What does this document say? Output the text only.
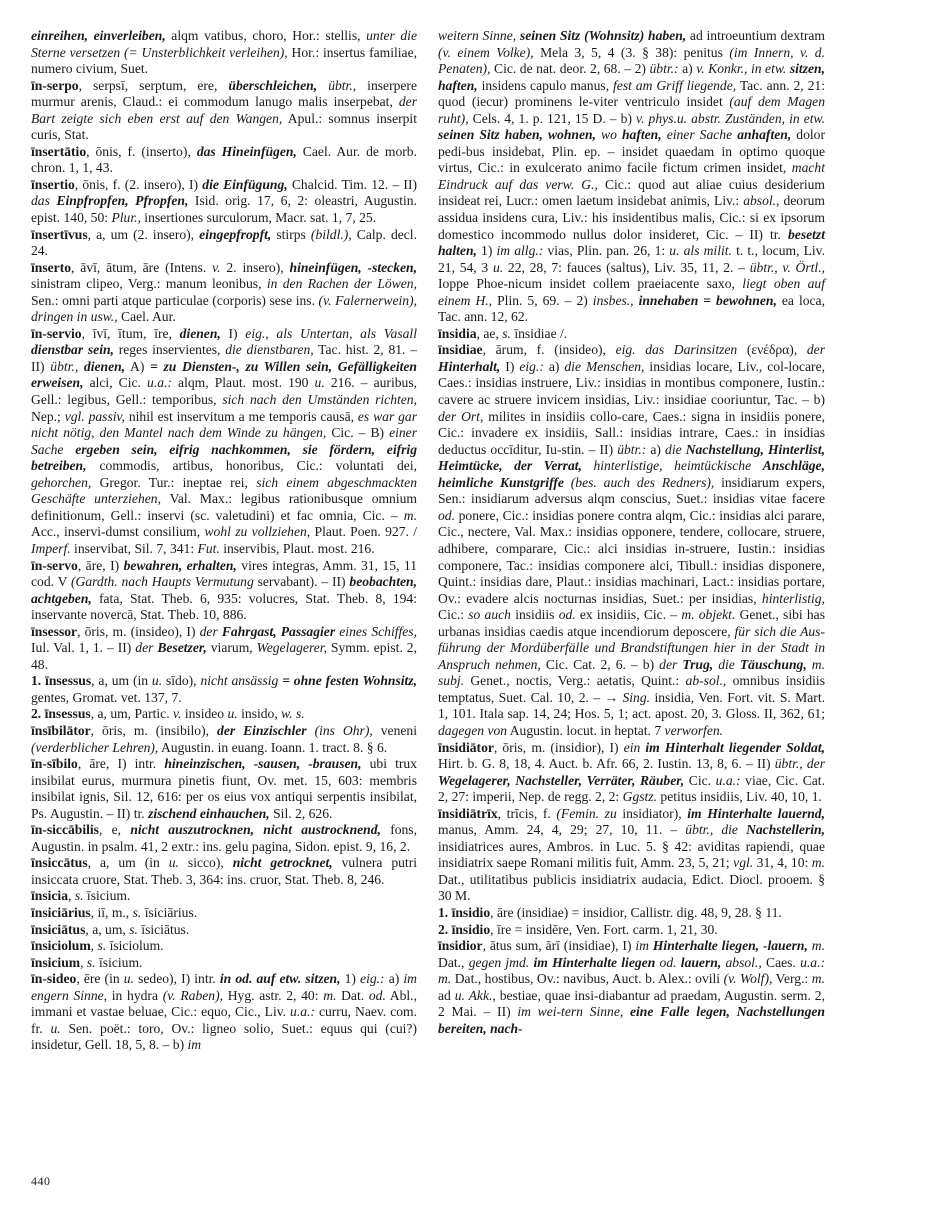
einreihen, einverleiben, alqm vatibus, choro, Hor.: stellis, unter die Sterne versetzen (= Unsterblichkeit verleihen), Hor.: insertus familiae, numero civium, Suet.

īn-serpo, serpsī, serptum, ere, überschleichen, übtr., inserpere murmur arenis, Claud.: ei commodum lanugo malis inserpebat, der Bart zeigte sich eben erst auf den Wangen, Apul.: somnus inserpit curis, Stat.

īnsertātio, ōnis, f. (inserto), das Hineinfügen, Cael. Aur. de morb. chron. 1, 1, 43.

īnsertio, ōnis, f. (2. insero), I) die Einfügung, Chalcid. Tim. 12. – II) das Einpfropfen, Pfropfen, Isid. orig. 17, 6, 2: oleastri, Augustin. epist. 140, 50: Plur., insertiones surculorum, Macr. sat. 1, 7, 25.

īnsertīvus, a, um (2. insero), eingepfropft, stirps (bildl.), Calp. decl. 24.

īnserto, āvī, ātum, āre (Intens. v. 2. insero), hineinfügen, -stecken, sinistram clipeo, Verg.: manum leonibus, in den Rachen der Löwen, Sen.: omni parti atque particulae (corporis) sese ins. (v. Falernerwein), dringen in usw., Cael. Aur.

īn-servio, īvī, ītum, īre, dienen, I) eig., als Untertan, als Vasall dienstbar sein, reges inservientes, die dienstbaren, Tac. hist. 2, 81. – II) übtr., dienen, A) = zu Diensten-, zu Willen sein, Gefälligkeiten erweisen, alci, Cic. u.a.: alqm, Plaut. most. 190 u. 216. – auribus, Gell.: legibus, Gell.: temporibus, sich nach den Umständen richten, Nep.; vgl. passiv, nihil est inservitum a me temporis causā, es war gar nicht nötig, den Mantel nach dem Winde zu hängen, Cic. – B) einer Sache ergeben sein, eifrig nachkommen, sie fördern, eifrig betreiben, commodis, artibus, honoribus, Cic.: voluntati dei, gehorchen, Gregor. Tur.: ineptae rei, sich einem abgeschmackten Geschäfte unterziehen, Val. Max.: legibus rationibusque omnium definitionum, Gell.: inservi (sc. valetudini) et fac omnia, Cic. – m. Acc., inservi-dumst consilium, wohl zu vollziehen, Plaut. Poen. 927. / Imperf. inservibat, Sil. 7, 341: Fut. inservibis, Plaut. most. 216.

īn-servo, āre, I) bewahren, erhalten, vires integras, Amm. 31, 15, 11 cod. V (Gardth. nach Haupts Vermutung servabant). – II) beobachten, achtgeben, fata, Stat. Theb. 6, 935: volucres, Stat. Theb. 8, 194: inservante novercā, Stat. Theb. 10, 886.

īnsessor, ōris, m. (insideo), I) der Fahrgast, Passagier eines Schiffes, Iul. Val. 1, 1. – II) der Besetzer, viarum, Wegelagerer, Symm. epist. 2, 48.

1. īnsessus, a, um (in u. sīdo), nicht ansässig = ohne festen Wohnsitz, gentes, Gromat. vet. 137, 7.

2. īnsessus, a, um, Partic. v. insideo u. insido, w. s.

īnsībilātor, ōris, m. (insibilo), der Einzischler (ins Ohr), veneni (verderblicher Lehren), Augustin. in euang. Ioann. 1. tract. 8. § 6.

īn-sībilo, āre, I) intr. hineinzischen, -sausen, -brausen, ubi trux insibilat eurus, murmura pinetis fiunt, Ov. met. 15, 603: membris insibilat ignis, Sil. 12, 616: per os eius vox antiqui serpentis insibilat, Ps. Augustin. – II) tr. zischend einhauchen, Sil. 2, 626.

īn-siccābilis, e, nicht auszutrocknen, nicht austrocknend, fons, Augustin. in psalm. 41, 2 extr.: ins. gelu pagina, Sidon. epist. 9, 16, 2.

īnsiccātus, a, um (in u. sicco), nicht getrocknet, vulnera putri insiccata cruore, Stat. Theb. 3, 364: ins. cruor, Stat. Theb. 8, 246.

īnsicia, s. īsicium.

īnsiciārius, iī, m., s. īsiciārius.

īnsiciātus, a, um, s. īsiciātus.

īnsiciolum, s. īsiciolum.

īnsicium, s. īsicium.

īn-sideo, ēre (in u. sedeo), I) intr. in od. auf etw. sitzen, 1) eig.: a) im engern Sinne, in hydra (v. Raben), Hyg. astr. 2, 40: m. Dat. od. Abl., immani et vastae beluae, Cic.: equo, Cic., Liv. u.a.: curru, Naev. com. fr. u. Sen. poët.: toro, Ov.: ligneo solio, Suet.: equus qui (cui?) insidetur, Gell. 18, 5, 8. – b) im

weitern Sinne, seinen Sitz (Wohnsitz) haben, ad introeuntium dextram (v. einem Volke), Mela 3, 5, 4 (3. § 38): penitus (im Innern, v. d. Penaten), Cic. de nat. deor. 2, 68. – 2) übtr.: a) v. Konkr., in etw. sitzen, haften, insidens capulo manus, fest am Griff liegende, Tac. ann. 2, 21: quod (iecur) prominens le-viter ventriculo insidet (auf dem Magen ruht), Cels. 4, 1. p. 121, 15 D. – b) v. phys.u. abstr. Zuständen, in etw. seinen Sitz haben, wohnen, wo haften, einer Sache anhaften, dolor pedi-bus insidebat, Plin. ep. – insidet quaedam in optimo quoque virtus, Cic.: in exulcerato animo facile fictum crimen insidet, macht Eindruck auf das verw. G., Cic.: quod aut aliae cuius desiderium insideat rei, Lucr.: omen laetum insidebat animis, Liv.: absol., deorum assidua insidens cura, Liv.: his insidentibus malis, Cic.: si ex ipsorum domestico incommodo nullus dolor insideret, Cic. – II) tr. besetzt halten, 1) im allg.: vias, Plin. pan. 26, 1: u. als milit. t. t., locum, Liv. 21, 54, 3 u. 22, 28, 7: fauces (saltus), Liv. 35, 11, 2. – übtr., v. Örtl., Ioppe Phoe-nicum insidet collem praeiacente saxo, liegt oben auf einem H., Plin. 5, 69. – 2) insbes., innehaben = bewohnen, ea loca, Tac. ann. 12, 62.

īnsidia, ae, s. īnsidiae /.

īnsidiae, ārum, f. (insideo), eig. das Darinsitzen (ενέδρα), der Hinterhalt, I) eig.: a) die Menschen, insidias locare, Liv., col-locare, Caes.: insidias instruere, Liv.: insidias in montibus componere, Iustin.: cavere ac struere invicem insidias, Liv.: insidiae cooriuntur, Tac. – b) der Ort, milites in insidiis collo-care, Caes.: signa in insidiis ponere, Cic.: invadere ex insidiis, Sall.: insidias intrare, Caes.: in insidias deductus occīditur, Iu-stin. – II) übtr.: a) die Nachstellung, Hinterlist, Heimtücke, der Verrat, hinterlistige, heimtückische Anschläge, heimliche Kunstgriffe (bes. auch des Redners), insidiarum expers, Sen.: insidiarum adversus alqm conscius, Suet.: insidias vitae facere od. ponere, Cic.: insidias ponere contra alqm, Cic.: insidias alci parare, Cic., nectere, Val. Max.: insidias opponere, tendere, collocare, struere, adhibere, comparare, Cic.: alci insidias in-struere, Iustin.: insidias componere, Tac.: insidias componere alci, Tibull.: insidias disponere, Quint.: insidias dare, Plaut.: insidias machinari, Lact.: insidias portare, Ov.: evadere alcis nocturnas insidias, Suet.: per insidias, hinterlistig, Cic.: so auch insidiis od. ex insidiis, Cic. – m. objekt. Genet., sibi has urbanas insidias caedis atque incendiorum deposcere, für sich die Aus-führung der Mordüberfälle und Brandstiftungen hier in der Stadt in Anspruch nehmen, Cic. Cat. 2, 6. – b) der Trug, die Täuschung, m. subj. Genet., noctis, Verg.: aetatis, Quint.: ab-sol., omnibus insidiis temptatus, Suet. Cal. 10, 2. – → Sing. insidia, Ven. Fort. vit. S. Mart. 1, 101. Itala sap. 14, 24; Hos. 5, 1; act. apost. 20, 3. Gloss. II, 362, 61; dagegen von Augustin. locut. in heptat. 7 verworfen.

īnsidiātor, ōris, m. (insidior), I) ein im Hinterhalt liegender Soldat, Hirt. b. G. 8, 18, 4. Auct. b. Afr. 66, 2. Iustin. 13, 8, 6. – II) übtr., der Wegelagerer, Nachsteller, Verräter, Räuber, Cic. u.a.: viae, Cic. Cat. 2, 27: imperii, Nep. de regg. 2, 2: Ggstz. petitus insidiis, Liv. 40, 10, 1.

īnsidiātrīx, trīcis, f. (Femin. zu insidiator), im Hinterhalte lauernd, manus, Amm. 24, 4, 29; 27, 10, 11. – übtr., die Nachstellerin, insidiatrices aures, Ambros. in Luc. 5. § 42: aviditas rapiendi, quae insidiatrix saepe Romani militis fuit, Amm. 23, 5, 21; vgl. 31, 4, 10: m. Dat., utilitatibus publicis insidiatrix audacia, Edict. Diocl. prooem. § 30 M.

1. īnsidio, āre (insidiae) = insidior, Callistr. dig. 48, 9, 28. § 11.

2. īnsidio, īre = insidēre, Ven. Fort. carm. 1, 21, 30.

īnsidior, ātus sum, ārī (insidiae), I) im Hinterhalte liegen, -lauern, m. Dat., gegen jmd. im Hinterhalte liegen od. lauern, absol., Caes. u.a.: m. Dat., hostibus, Ov.: navibus, Auct. b. Alex.: ovili (v. Wolf), Verg.: m. ad u. Akk., bestiae, quae insi-diabantur ad praedam, Augustin. serm. 2, 2 Mai. – II) im wei-tern Sinne, eine Falle legen, Nachstellungen bereiten, nach-

440
